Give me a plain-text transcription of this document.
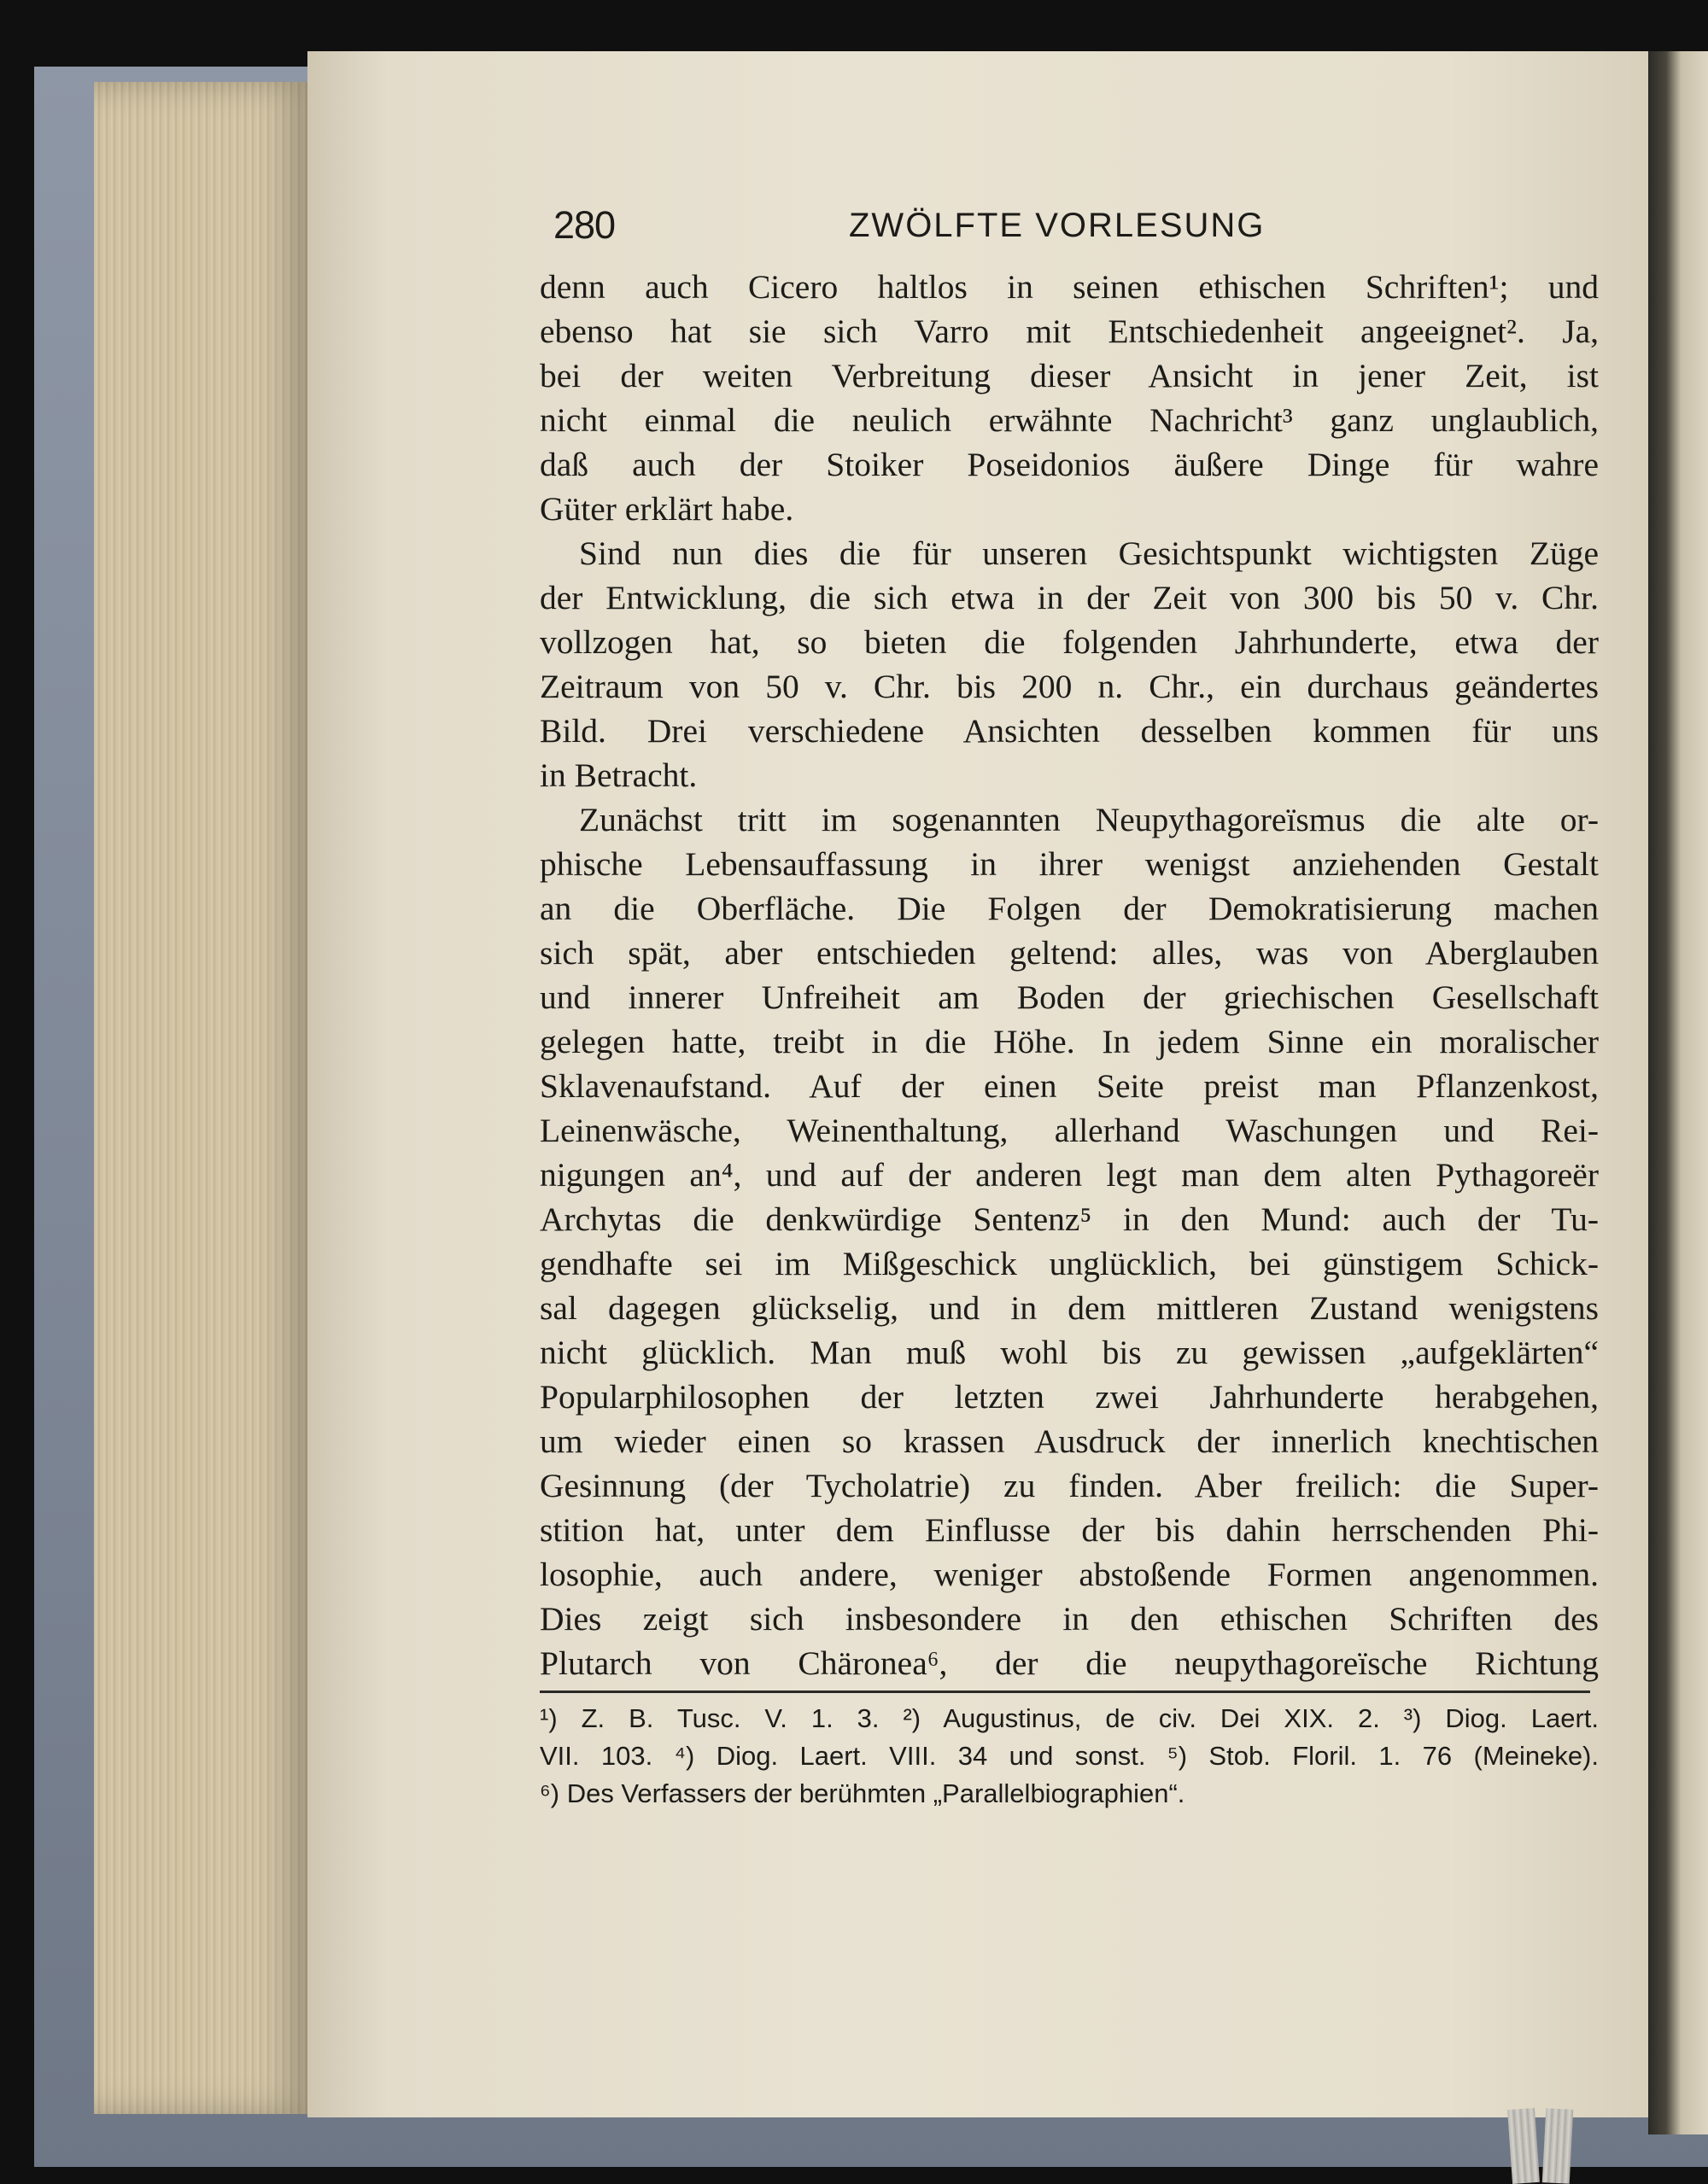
280	ZWÖLFTE VORLESUNG
denn auch Cicero haltlos in seinen ethischen Schriften¹; und
ebenso hat sie sich Varro mit Entschiedenheit angeeignet². Ja,
bei der weiten Verbreitung dieser Ansicht in jener Zeit, ist
nicht einmal die neulich erwähnte Nachricht³ ganz unglaublich,
daß auch der Stoiker Poseidonios äußere Dinge für wahre
Güter erklärt habe.
Sind nun dies die für unseren Gesichtspunkt wichtigsten Züge
der Entwicklung, die sich etwa in der Zeit von 300 bis 50 v. Chr.
vollzogen hat, so bieten die folgenden Jahrhunderte, etwa der
Zeitraum von 50 v. Chr. bis 200 n. Chr., ein durchaus geändertes
Bild. Drei verschiedene Ansichten desselben kommen für uns
in Betracht.
Zunächst tritt im sogenannten Neupythagoreïsmus die alte or-
phische Lebensauffassung in ihrer wenigst anziehenden Gestalt
an die Oberfläche. Die Folgen der Demokratisierung machen
sich spät, aber entschieden geltend: alles, was von Aberglauben
und innerer Unfreiheit am Boden der griechischen Gesellschaft
gelegen hatte, treibt in die Höhe. In jedem Sinne ein moralischer
Sklavenaufstand. Auf der einen Seite preist man Pflanzenkost,
Leinenwäsche, Weinenthaltung, allerhand Waschungen und Rei-
nigungen an⁴, und auf der anderen legt man dem alten Pythagoreër
Archytas die denkwürdige Sentenz⁵ in den Mund: auch der Tu-
gendhafte sei im Mißgeschick unglücklich, bei günstigem Schick-
sal dagegen glückselig, und in dem mittleren Zustand wenigstens
nicht glücklich. Man muß wohl bis zu gewissen „aufgeklärten“
Popularphilosophen der letzten zwei Jahrhunderte herabgehen,
um wieder einen so krassen Ausdruck der innerlich knechtischen
Gesinnung (der Tycholatrie) zu finden. Aber freilich: die Super-
stition hat, unter dem Einflusse der bis dahin herrschenden Phi-
losophie, auch andere, weniger abstoßende Formen angenommen.
Dies zeigt sich insbesondere in den ethischen Schriften des
Plutarch von Chäronea⁶, der die neupythagoreïsche Richtung
¹) Z. B. Tusc. V. 1. 3. ²) Augustinus, de civ. Dei XIX. 2. ³) Diog. Laert.
VII. 103. ⁴) Diog. Laert. VIII. 34 und sonst. ⁵) Stob. Floril. 1. 76 (Meineke).
⁶) Des Verfassers der berühmten „Parallelbiographien“.
